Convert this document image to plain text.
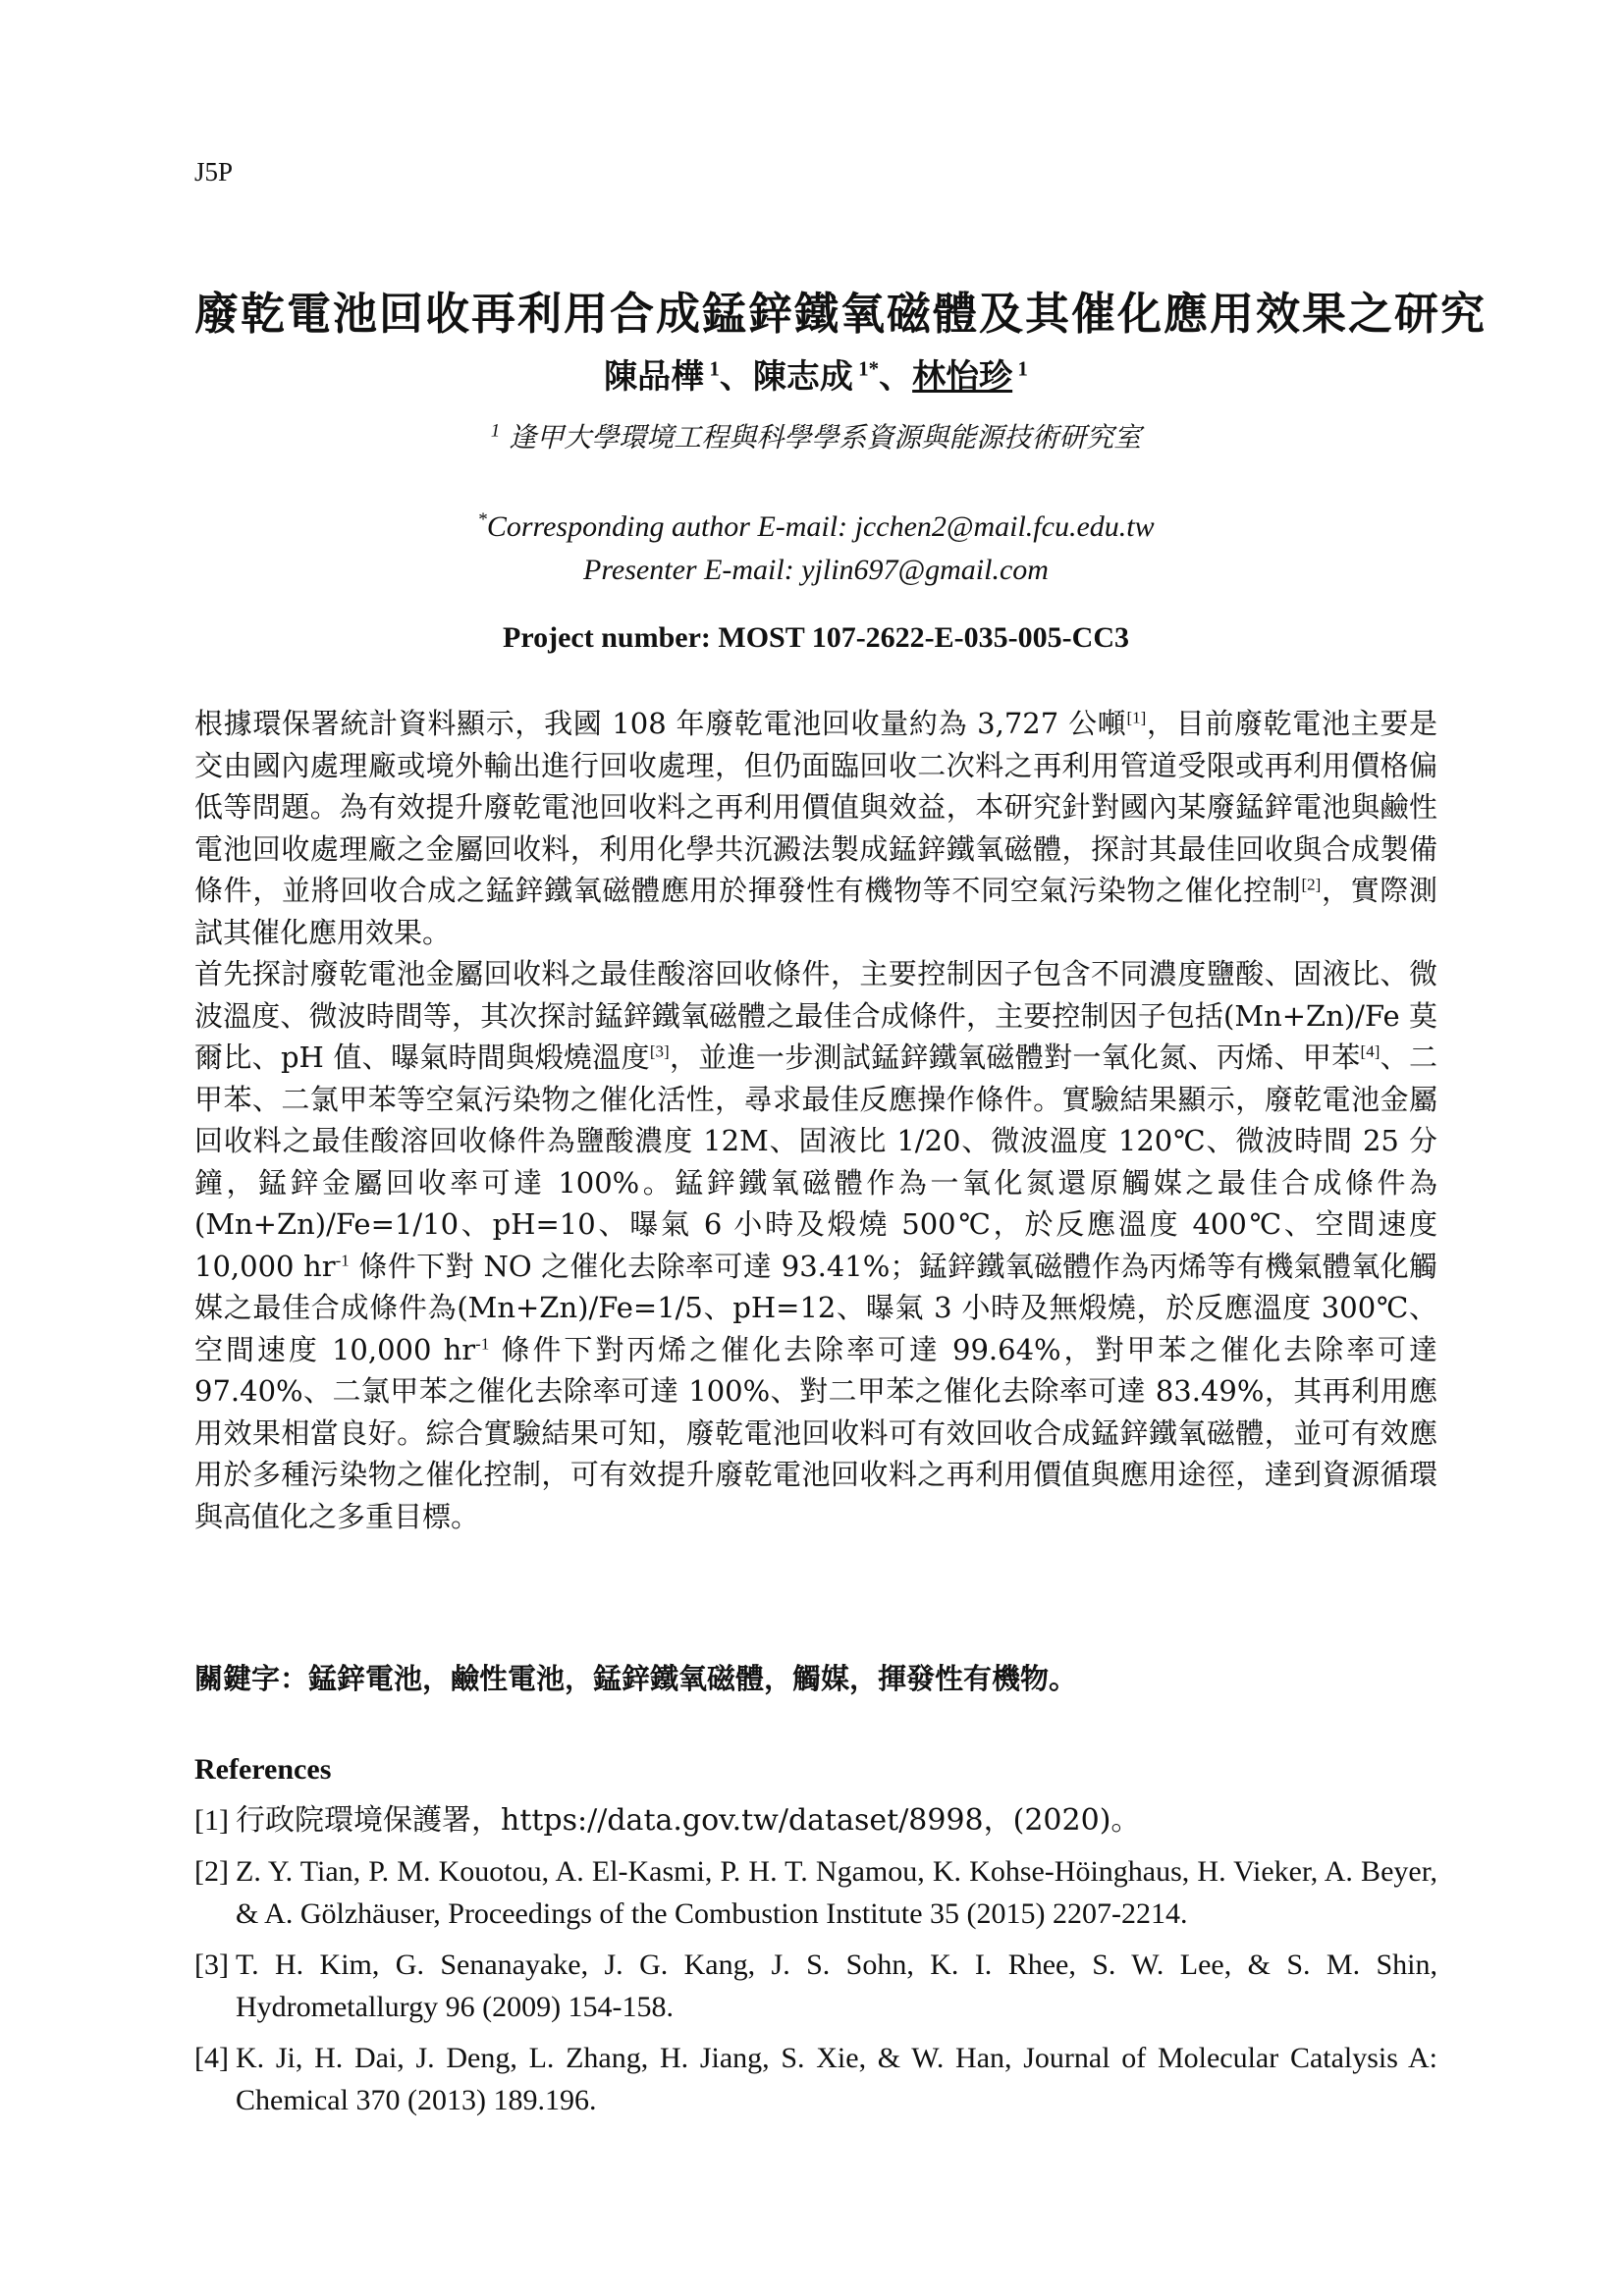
J5P
廢乾電池回收再利用合成錳鋅鐵氧磁體及其催化應用效果之研究
陳品樺 $^1$、陳志成 $^{1*}$、林怡珍 $^1$
$^1$ 逢甲大學環境工程與科學學系資源與能源技術研究室
*Corresponding author E-mail: jcchen2@mail.fcu.edu.tw
Presenter E-mail: yjlin697@gmail.com
Project number: MOST 107-2622-E-035-005-CC3

根據環保署統計資料顯示，我國 108 年廢乾電池回收量約為 3,727 公噸[1]，目前廢乾電池主要是交由國內處理廠或境外輸出進行回收處理，但仍面臨回收二次料之再利用管道受限或再利用價格偏低等問題。為有效提升廢乾電池回收料之再利用價值與效益，本研究針對國內某廢錳鋅電池與鹼性電池回收處理廠之金屬回收料，利用化學共沉澱法製成錳鋅鐵氧磁體，探討其最佳回收與合成製備條件，並將回收合成之錳鋅鐵氧磁體應用於揮發性有機物等不同空氣污染物之催化控制[2]，實際測試其催化應用效果。

首先探討廢乾電池金屬回收料之最佳酸溶回收條件，主要控制因子包含不同濃度鹽酸、固液比、微波溫度、微波時間等，其次探討錳鋅鐵氧磁體之最佳合成條件，主要控制因子包括(Mn+Zn)/Fe 莫爾比、pH 值、曝氣時間與煅燒溫度[3]，並進一步測試錳鋅鐵氧磁體對一氧化氮、丙烯、甲苯[4]、二甲苯、二氯甲苯等空氣污染物之催化活性，尋求最佳反應操作條件。實驗結果顯示，廢乾電池金屬回收料之最佳酸溶回收條件為鹽酸濃度 12M、固液比 1/20、微波溫度 120℃、微波時間 25 分鐘，錳鋅金屬回收率可達 100%。錳鋅鐵氧磁體作為一氧化氮還原觸媒之最佳合成條件為(Mn+Zn)/Fe=1/10、pH=10、曝氣 6 小時及煅燒 500℃，於反應溫度 400℃、空間速度 10,000 $hr^{-1}$ 條件下對 NO 之催化去除率可達 93.41%；錳鋅鐵氧磁體作為丙烯等有機氣體氧化觸媒之最佳合成條件為(Mn+Zn)/Fe=1/5、pH=12、曝氣 3 小時及無煅燒，於反應溫度 300℃、空間速度 10,000 $hr^{-1}$ 條件下對丙烯之催化去除率可達 99.64%，對甲苯之催化去除率可達 97.40%、二氯甲苯之催化去除率可達 100%、對二甲苯之催化去除率可達 83.49%，其再利用應用效果相當良好。綜合實驗結果可知，廢乾電池回收料可有效回收合成錳鋅鐵氧磁體，並可有效應用於多種污染物之催化控制，可有效提升廢乾電池回收料之再利用價值與應用途徑，達到資源循環與高值化之多重目標。

關鍵字：錳鋅電池，鹼性電池，錳鋅鐵氧磁體，觸媒，揮發性有機物。
References
[1] 行政院環境保護署，https://data.gov.tw/dataset/8998，(2020)。
[2] Z. Y. Tian, P. M. Kouotou, A. El-Kasmi, P. H. T. Ngamou, K. Kohse-Höinghaus, H. Vieker, A. Beyer, & A. Gölzhäuser, Proceedings of the Combustion Institute 35 (2015) 2207-2214.
[3] T. H. Kim, G. Senanayake, J. G. Kang, J. S. Sohn, K. I. Rhee, S. W. Lee, & S. M. Shin, Hydrometallurgy 96 (2009) 154-158.
[4] K. Ji, H. Dai, J. Deng, L. Zhang, H. Jiang, S. Xie, & W. Han, Journal of Molecular Catalysis A: Chemical 370 (2013) 189.196.
